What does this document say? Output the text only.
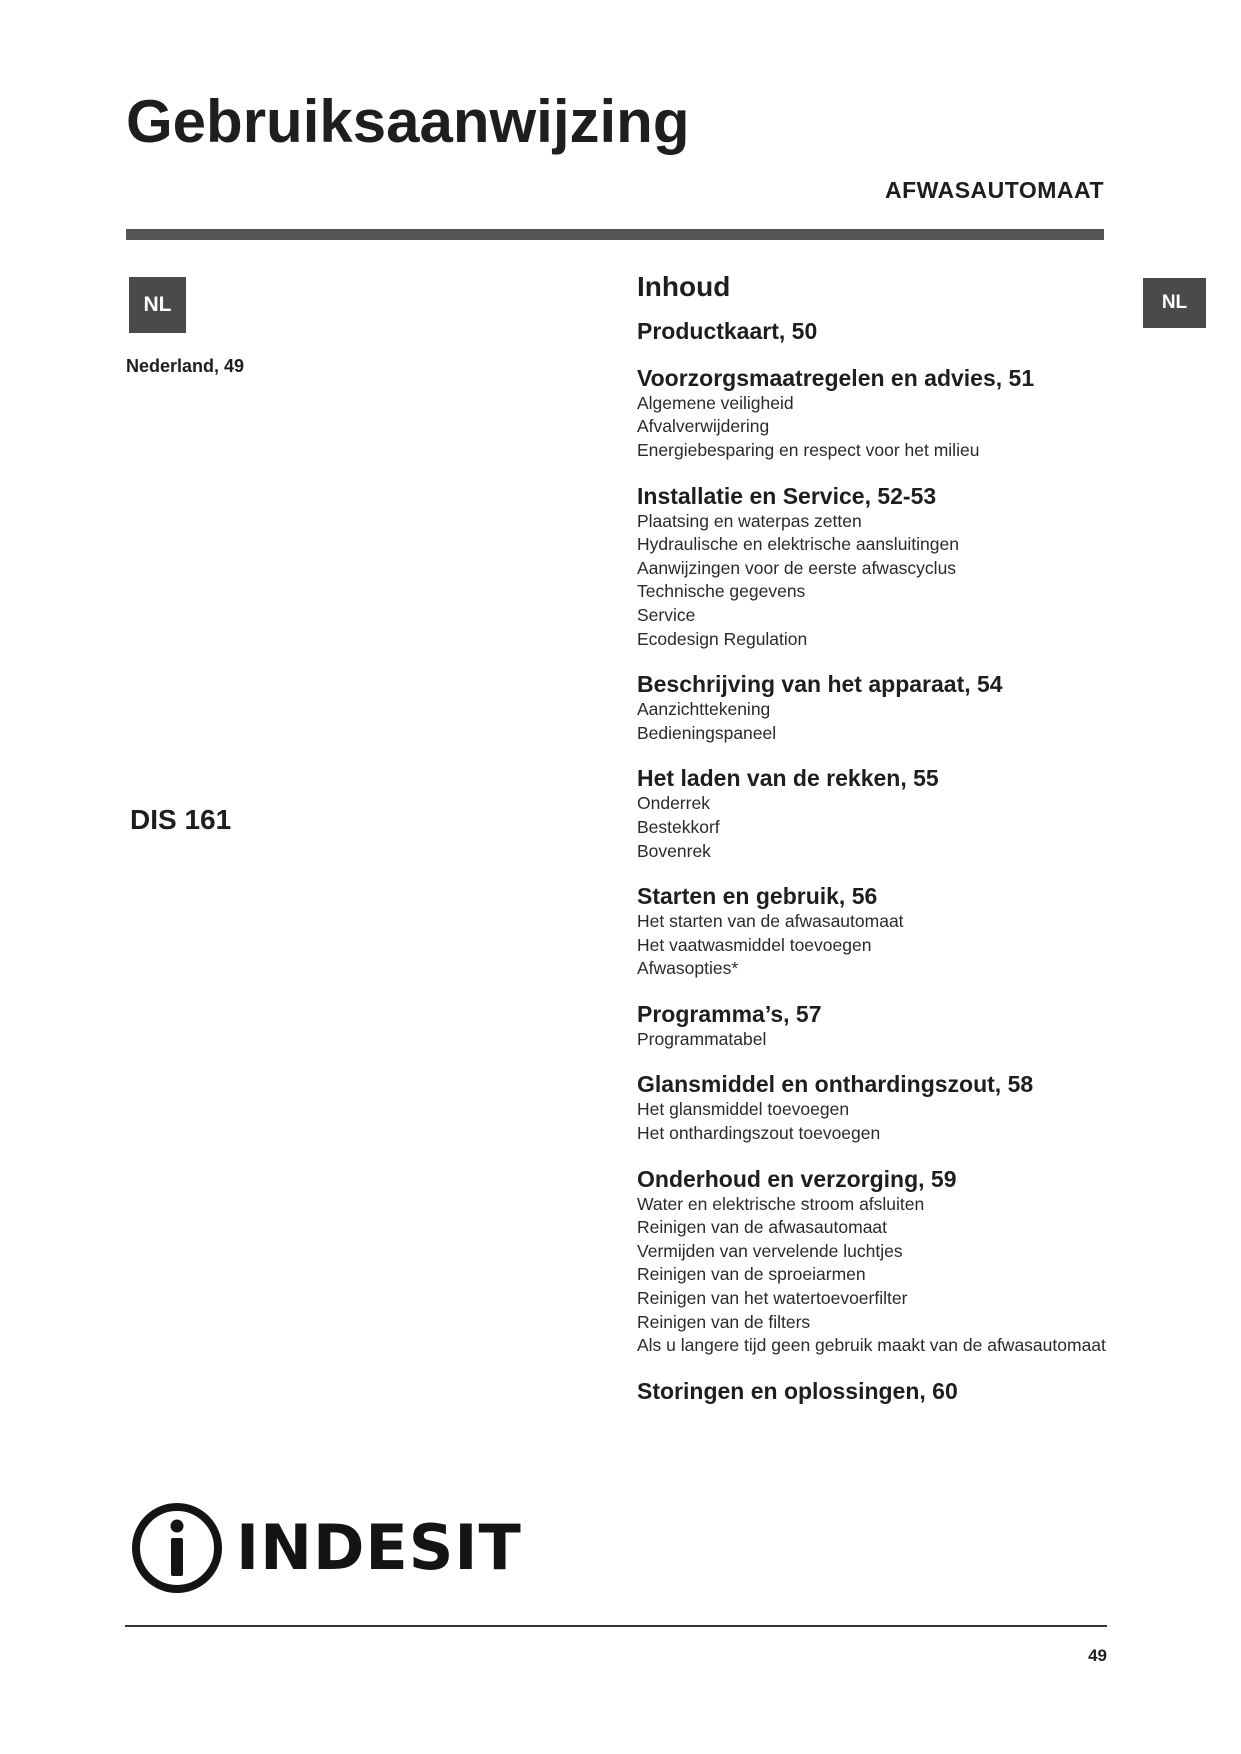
Gebruiksaanwijzing
AFWASAUTOMAAT
NL
Nederland, 49
NL
DIS 161
Inhoud
Productkaart, 50
Voorzorgsmaatregelen en advies, 51
Algemene veiligheid
Afvalverwijdering
Energiebesparing en respect voor het milieu
Installatie en Service, 52-53
Plaatsing en waterpas zetten
Hydraulische en elektrische aansluitingen
Aanwijzingen voor de eerste afwascyclus
Technische gegevens
Service
Ecodesign Regulation
Beschrijving van het apparaat, 54
Aanzichttekening
Bedieningspaneel
Het laden van de rekken, 55
Onderrek
Bestekkorf
Bovenrek
Starten en gebruik, 56
Het starten van de afwasautomaat
Het vaatwasmiddel toevoegen
Afwasopties*
Programma’s, 57
Programmatabel
Glansmiddel en onthardingszout, 58
Het glansmiddel toevoegen
Het onthardingszout toevoegen
Onderhoud en verzorging, 59
Water en elektrische stroom afsluiten
Reinigen van de afwasautomaat
Vermijden van vervelende luchtjes
Reinigen van de sproeiarmen
Reinigen van het watertoevoerfilter
Reinigen van de filters
Als u langere tijd geen gebruik maakt van de afwasautomaat
Storingen en oplossingen, 60
INDESIT
49
